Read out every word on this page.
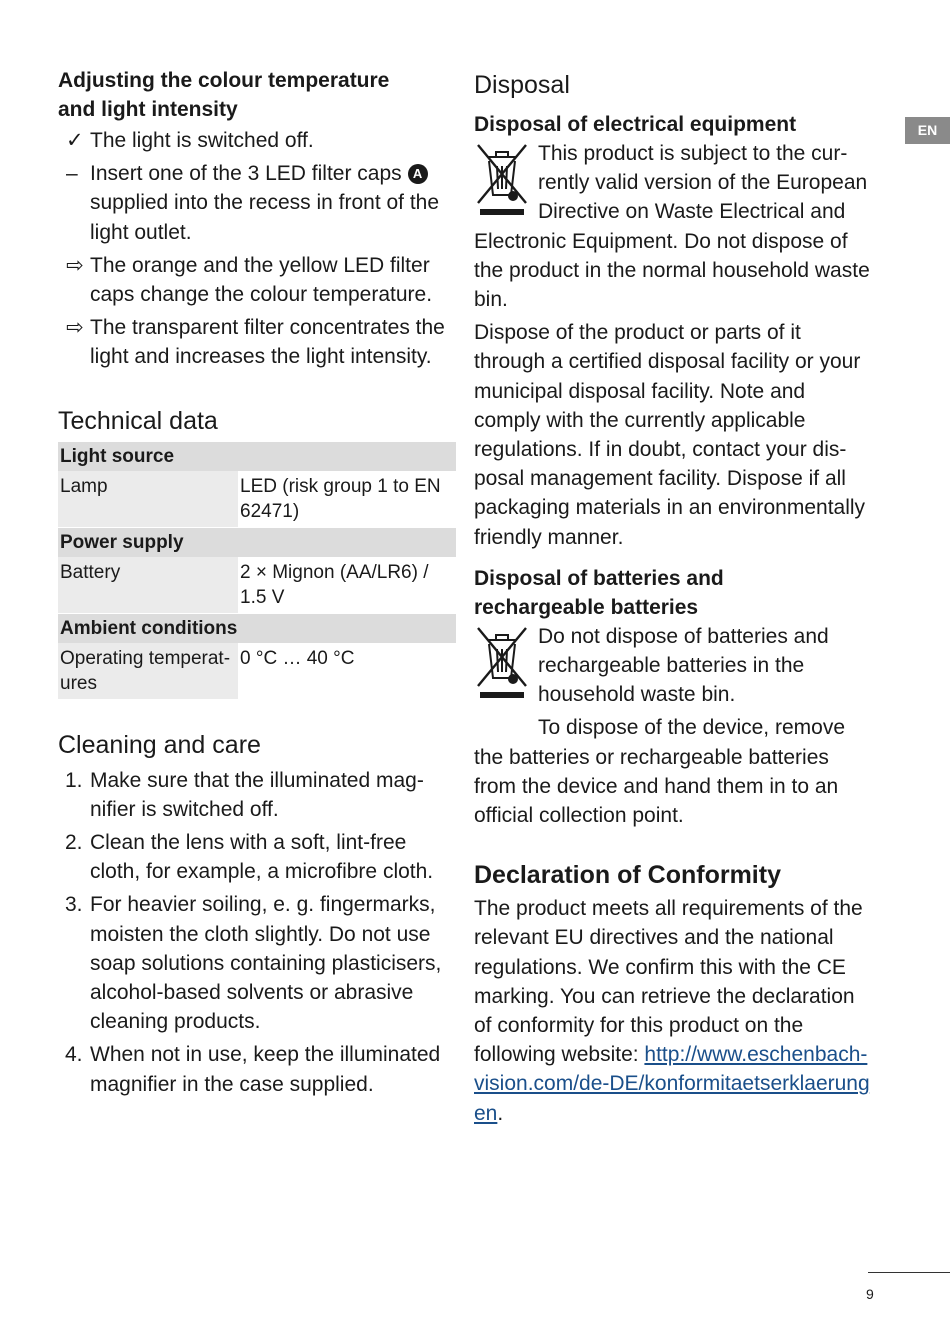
EN

Adjusting the colour temperature
and light intensity

✓ The light is switched off.
– Insert one of the 3 LED filter caps A supplied into the recess in front of the light outlet.
⇨ The orange and the yellow LED filter caps change the colour temperature.
⇨ The transparent filter concentrates the light and increases the light intensity.
Technical data
Light source	
Lamp	LED (risk group 1 to EN 62471)
Power supply	
Battery	2 × Mignon (AA/LR6) / 1.5 V
Ambient conditions	
Operating temperatures	0 °C … 40 °C
Cleaning and care
1. Make sure that the illuminated magnifier is switched off.
2. Clean the lens with a soft, lint-free cloth, for example, a microfibre cloth.
3. For heavier soiling, e. g. fingermarks, moisten the cloth slightly. Do not use soap solutions containing plasticisers, alcohol-based solvents or abrasive cleaning products.
4. When not in use, keep the illuminated magnifier in the case supplied.
Disposal

Disposal of electrical equipment

This product is subject to the currently valid version of the European Directive on Waste Electrical and Electronic Equipment. Do not dispose of the product in the normal household waste bin.

Dispose of the product or parts of it through a certified disposal facility or your municipal disposal facility. Note and comply with the currently applicable regulations. If in doubt, contact your disposal management facility. Dispose if all packaging materials in an environmentally friendly manner.

Disposal of batteries and
rechargeable batteries

Do not dispose of batteries and rechargeable batteries in the household waste bin.

To dispose of the device, remove the batteries or rechargeable batteries from the device and hand them in to an official collection point.

Declaration of Conformity

The product meets all requirements of the relevant EU directives and the national regulations. We confirm this with the CE marking. You can retrieve the declaration of conformity for this product on the following website: http://www.eschenbach-vision.com/de-DE/konformitaetserklaerungen.

9
